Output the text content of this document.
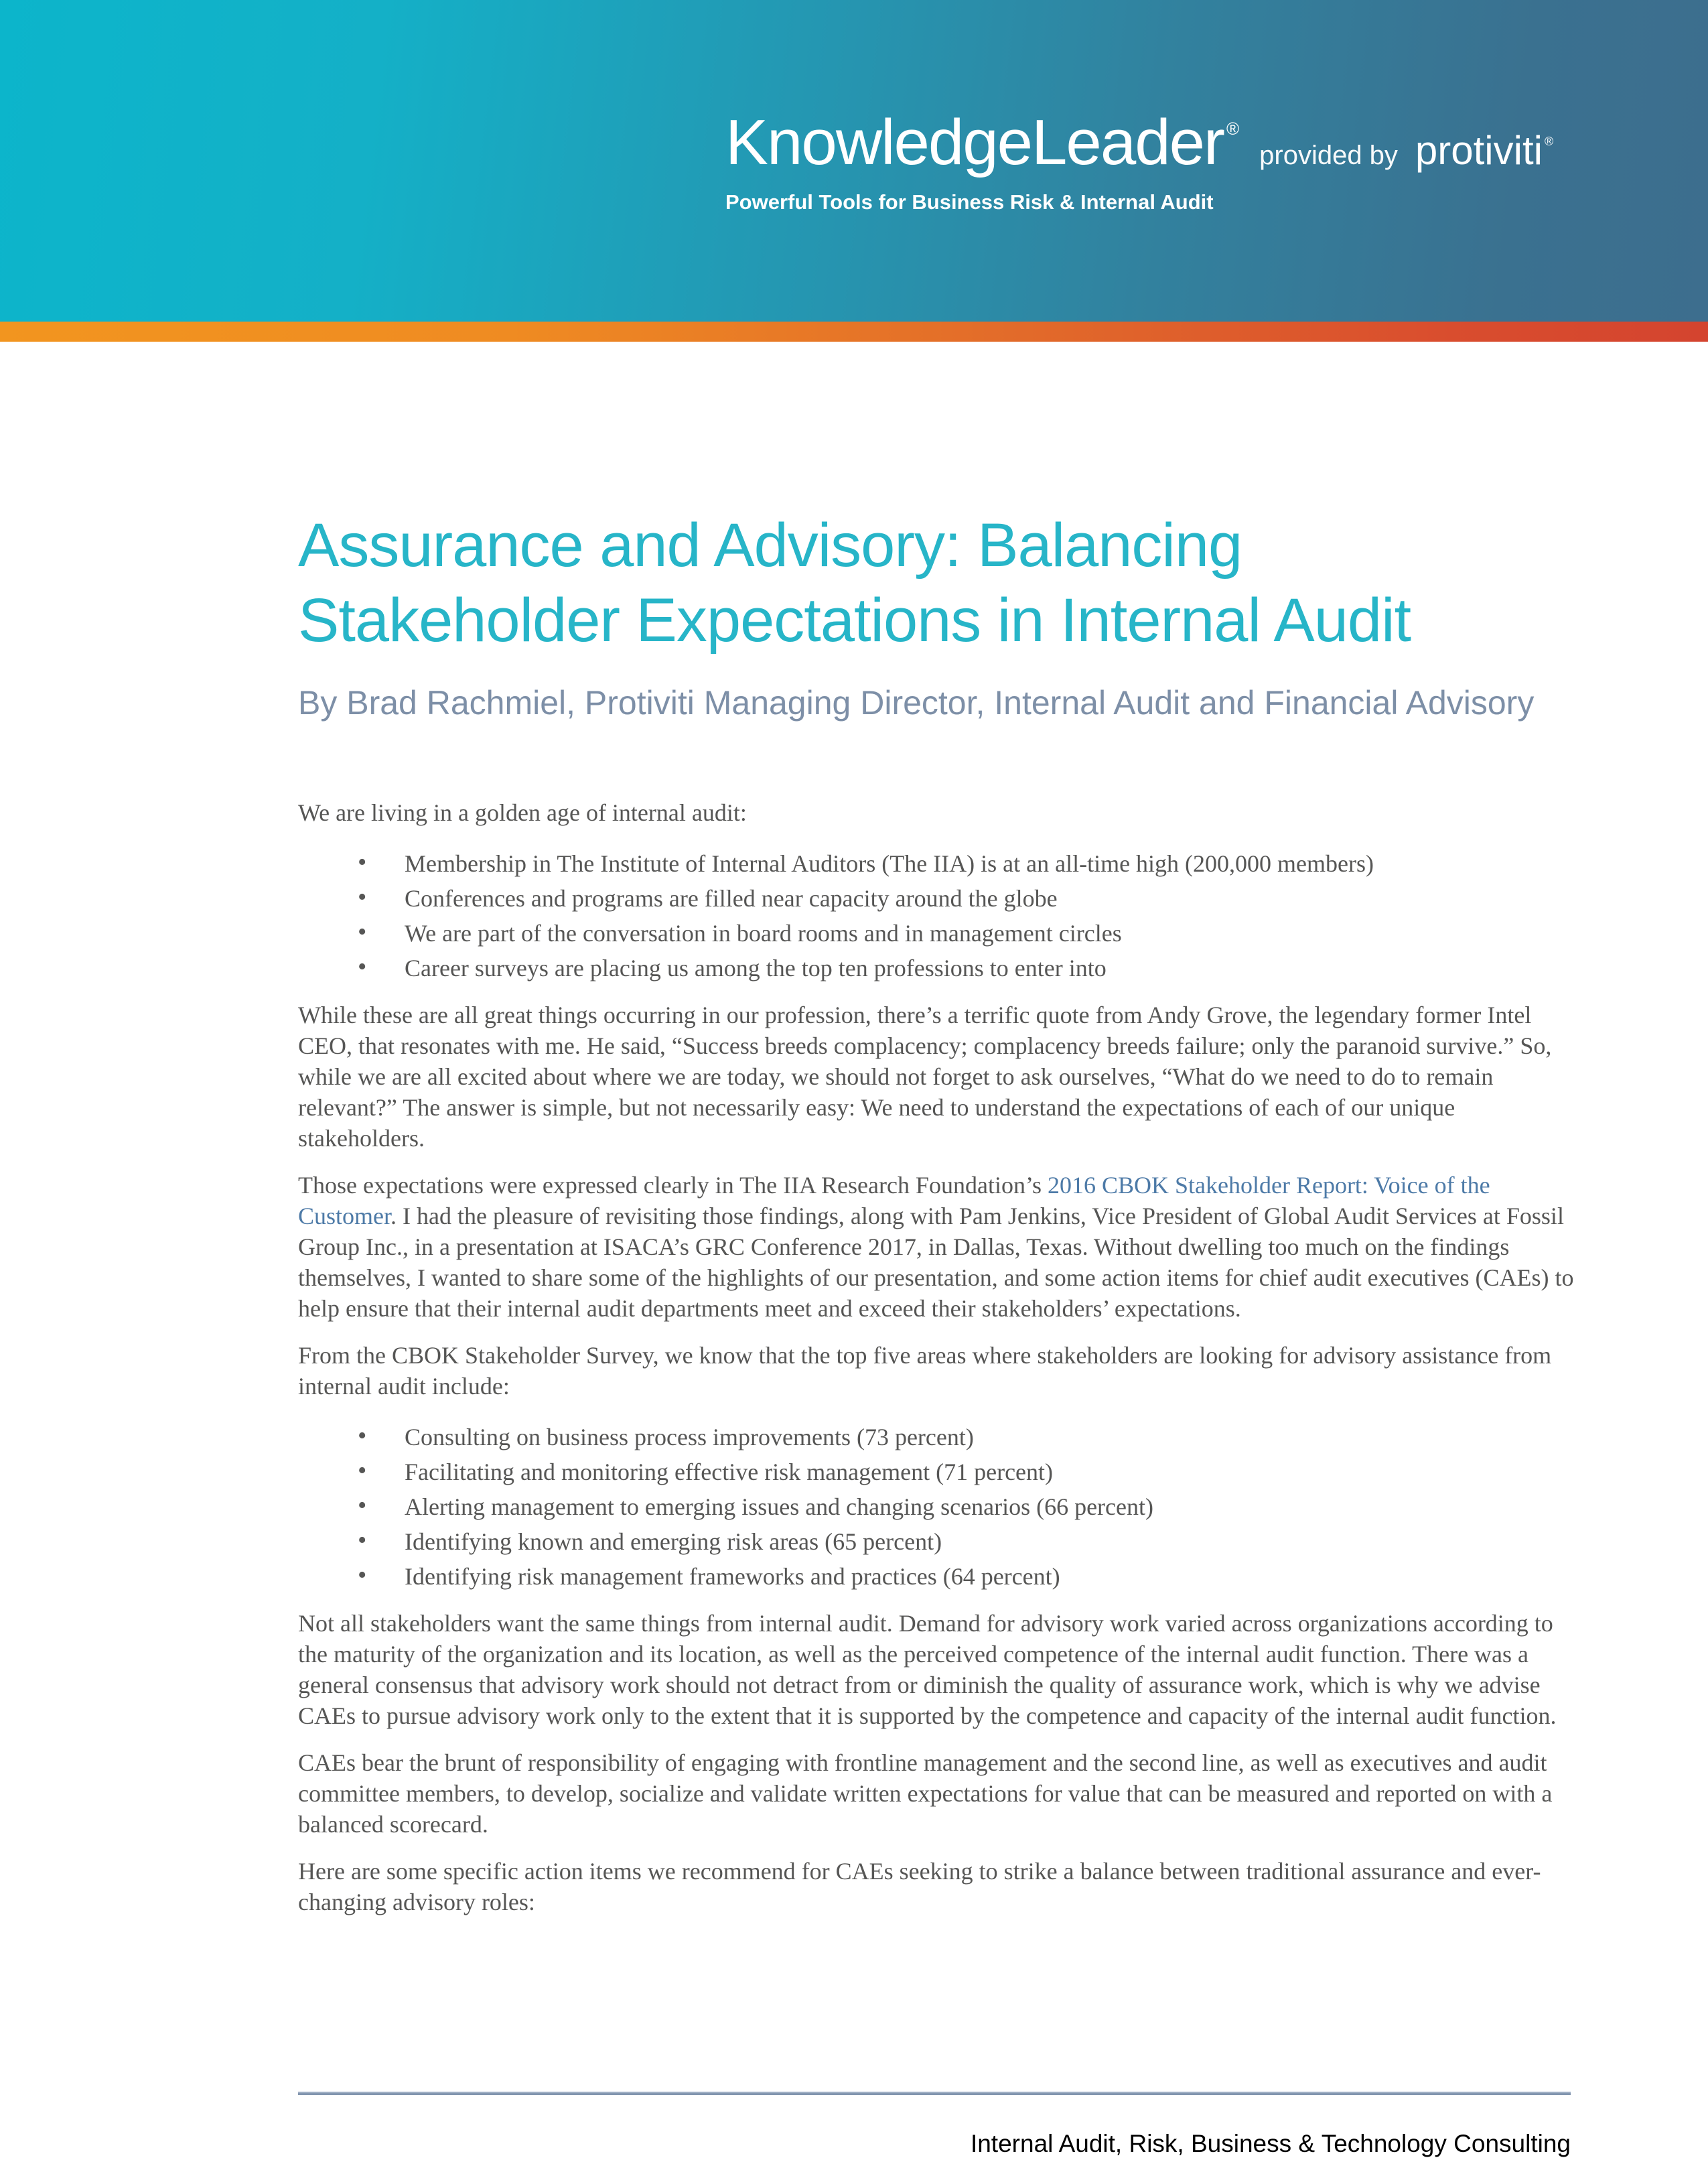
KnowledgeLeader ®
provided by protiviti ®
Powerful Tools for Business Risk & Internal Audit
Assurance and Advisory: Balancing Stakeholder Expectations in Internal Audit

By Brad Rachmiel, Protiviti Managing Director, Internal Audit and Financial Advisory

We are living in a golden age of internal audit:

• Membership in The Institute of Internal Auditors (The IIA) is at an all-time high (200,000 members)
• Conferences and programs are filled near capacity around the globe
• We are part of the conversation in board rooms and in management circles
• Career surveys are placing us among the top ten professions to enter into

While these are all great things occurring in our profession, there’s a terrific quote from Andy Grove, the legendary former Intel CEO, that resonates with me. He said, “Success breeds complacency; complacency breeds failure; only the paranoid survive.” So, while we are all excited about where we are today, we should not forget to ask ourselves, “What do we need to do to remain relevant?” The answer is simple, but not necessarily easy: We need to understand the expectations of each of our unique stakeholders.

Those expectations were expressed clearly in The IIA Research Foundation’s 2016 CBOK Stakeholder Report: Voice of the Customer. I had the pleasure of revisiting those findings, along with Pam Jenkins, Vice President of Global Audit Services at Fossil Group Inc., in a presentation at ISACA’s GRC Conference 2017, in Dallas, Texas. Without dwelling too much on the findings themselves, I wanted to share some of the highlights of our presentation, and some action items for chief audit executives (CAEs) to help ensure that their internal audit departments meet and exceed their stakeholders’ expectations.

From the CBOK Stakeholder Survey, we know that the top five areas where stakeholders are looking for advisory assistance from internal audit include:

• Consulting on business process improvements (73 percent)
• Facilitating and monitoring effective risk management (71 percent)
• Alerting management to emerging issues and changing scenarios (66 percent)
• Identifying known and emerging risk areas (65 percent)
• Identifying risk management frameworks and practices (64 percent)

Not all stakeholders want the same things from internal audit. Demand for advisory work varied across organizations according to the maturity of the organization and its location, as well as the perceived competence of the internal audit function. There was a general consensus that advisory work should not detract from or diminish the quality of assurance work, which is why we advise CAEs to pursue advisory work only to the extent that it is supported by the competence and capacity of the internal audit function.

CAEs bear the brunt of responsibility of engaging with frontline management and the second line, as well as executives and audit committee members, to develop, socialize and validate written expectations for value that can be measured and reported on with a balanced scorecard.

Here are some specific action items we recommend for CAEs seeking to strike a balance between traditional assurance and ever-changing advisory roles:

Internal Audit, Risk, Business & Technology Consulting
